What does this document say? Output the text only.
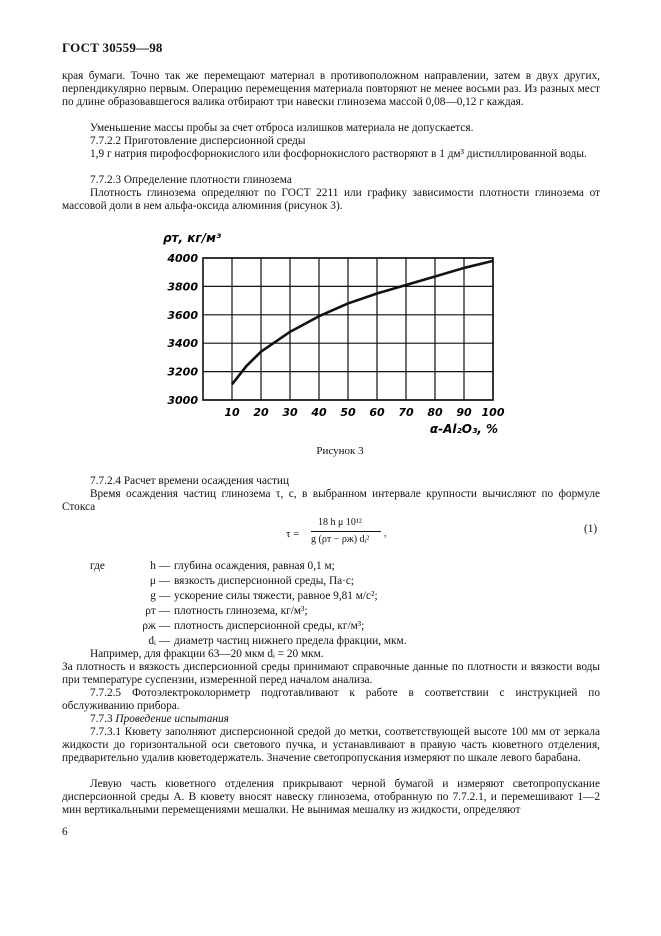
ГОСТ 30559—98
края бумаги. Точно так же перемещают материал в противоположном направлении, затем в двух других, перпендикулярно первым. Операцию перемещения материала повторяют не менее восьми раз. Из разных мест по длине образовавшегося валика отбирают три навески глинозема массой 0,08—0,12 г каждая.
Уменьшение массы пробы за счет отброса излишков материала не допускается.
7.7.2.2 Приготовление дисперсионной среды
1,9 г натрия пирофосфорнокислого или фосфорнокислого растворяют в 1 дм³ дистиллированной воды.
7.7.2.3 Определение плотности глинозема
Плотность глинозема определяют по ГОСТ 2211 или графику зависимости плотности глинозема от массовой доли в нем альфа-оксида алюминия (рисунок 3).
10 20 30 40 50 60 70 80 90 100
3000
3200
3400
3600
3800
4000
ρт, кг/м³
α-Al₂O₃, %
Рисунок 3
7.7.2.4 Расчет времени осаждения частиц
Время осаждения частиц глинозема τ, с, в выбранном интервале крупности вычисляют по формуле Стокса
τ =
18 h μ 10¹²
g (ρт − ρж) dᵢ²
,	(1)
где	h — глубина осаждения, равная 0,1 м;
μ — вязкость дисперсионной среды, Па·с;
g — ускорение силы тяжести, равное 9,81 м/с²;
ρт — плотность глинозема, кг/м³;
ρж — плотность дисперсионной среды, кг/м³;
dᵢ — диаметр частиц нижнего предела фракции, мкм.
Например, для фракции 63—20 мкм dᵢ = 20 мкм.
За плотность и вязкость дисперсионной среды принимают справочные данные по плотности и вязкости воды при температуре суспензии, измеренной перед началом анализа.
7.7.2.5 Фотоэлектроколориметр подготавливают к работе в соответствии с инструкцией по обслуживанию прибора.
7.7.3 Проведение испытания
7.7.3.1 Кювету заполняют дисперсионной средой до метки, соответствующей высоте 100 мм от зеркала жидкости до горизонтальной оси светового пучка, и устанавливают в правую часть кюветного отделения, предварительно удалив кюветодержатель. Значение светопропускания измеряют по шкале левого барабана.
Левую часть кюветного отделения прикрывают черной бумагой и измеряют светопропускание дисперсионной среды А. В кювету вносят навеску глинозема, отобранную по 7.7.2.1, и перемешивают 1—2 мин вертикальными перемещениями мешалки. Не вынимая мешалку из жидкости, определяют
6
